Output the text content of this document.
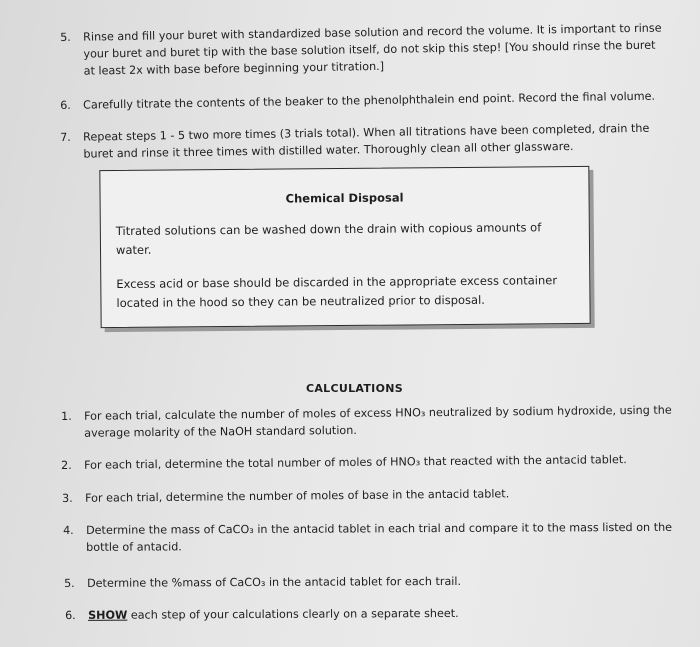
5. Rinse and fill your buret with standardized base solution and record the volume. It is important to rinse
your buret and buret tip with the base solution itself, do not skip this step! [You should rinse the buret
at least 2x with base before beginning your titration.]
6. Carefully titrate the contents of the beaker to the phenolphthalein end point. Record the final volume.
7. Repeat steps 1 - 5 two more times (3 trials total). When all titrations have been completed, drain the
buret and rinse it three times with distilled water. Thoroughly clean all other glassware.
Chemical Disposal
Titrated solutions can be washed down the drain with copious amounts of
water.
Excess acid or base should be discarded in the appropriate excess container
located in the hood so they can be neutralized prior to disposal.
CALCULATIONS
1. For each trial, calculate the number of moles of excess HNO₃ neutralized by sodium hydroxide, using the
average molarity of the NaOH standard solution.
2. For each trial, determine the total number of moles of HNO₃ that reacted with the antacid tablet.
3. For each trial, determine the number of moles of base in the antacid tablet.
4. Determine the mass of CaCO₃ in the antacid tablet in each trial and compare it to the mass listed on the
bottle of antacid.
5. Determine the %mass of CaCO₃ in the antacid tablet for each trail.
6. SHOW each step of your calculations clearly on a separate sheet.
